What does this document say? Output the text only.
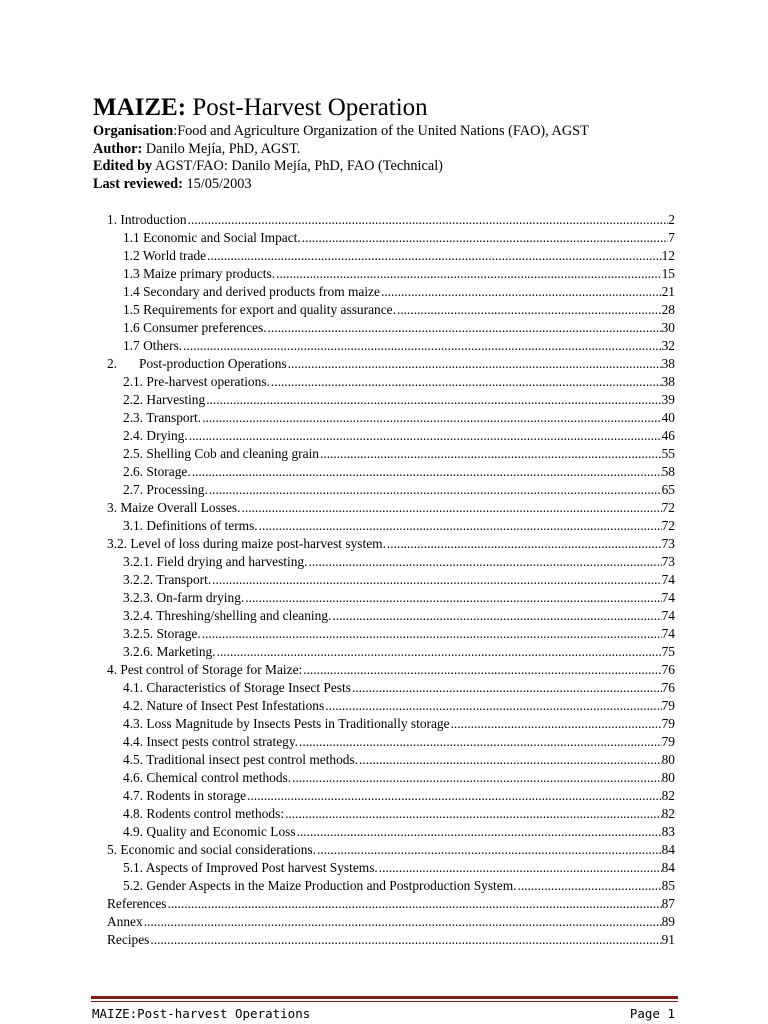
MAIZE: Post-Harvest Operation
Organisation:Food and Agriculture Organization of the United Nations (FAO), AGST
Author: Danilo Mejía, PhD, AGST.
Edited by AGST/FAO: Danilo Mejía, PhD, FAO (Technical)
Last reviewed: 15/05/2003
1. Introduction .....	2
1.1 Economic and Social Impact. .....	7
1.2 World trade .....	12
1.3 Maize primary products. .....	15
1.4 Secondary and derived products from maize .....	21
1.5 Requirements for export and quality assurance. .....	28
1.6 Consumer preferences. .....	30
1.7 Others. .....	32
2. Post-production Operations .....	38
2.1. Pre-harvest operations. .....	38
2.2. Harvesting .....	39
2.3. Transport. .....	40
2.4. Drying. .....	46
2.5. Shelling Cob and cleaning grain .....	55
2.6. Storage. .....	58
2.7. Processing. .....	65
3. Maize Overall Losses. .....	72
3.1. Definitions of terms. .....	72
3.2. Level of loss during maize post-harvest system. .....	73
3.2.1. Field drying and harvesting. .....	73
3.2.2. Transport. .....	74
3.2.3. On-farm drying. .....	74
3.2.4. Threshing/shelling and cleaning. .....	74
3.2.5. Storage. .....	74
3.2.6. Marketing. .....	75
4. Pest control of Storage for Maize: .....	76
4.1. Characteristics of Storage Insect Pests .....	76
4.2. Nature of Insect Pest Infestations .....	79
4.3. Loss Magnitude by Insects Pests in Traditionally storage .....	79
4.4. Insect pests control strategy. .....	79
4.5. Traditional insect pest control methods. .....	80
4.6. Chemical control methods. .....	80
4.7. Rodents in storage .....	82
4.8. Rodents control methods: .....	82
4.9. Quality and Economic Loss .....	83
5. Economic and social considerations. .....	84
5.1. Aspects of Improved Post harvest Systems. .....	84
5.2. Gender Aspects in the Maize Production and Postproduction System. .....	85
References .....	87
Annex .....	89
Recipes .....	91
MAIZE:Post-harvest Operations	Page 1
